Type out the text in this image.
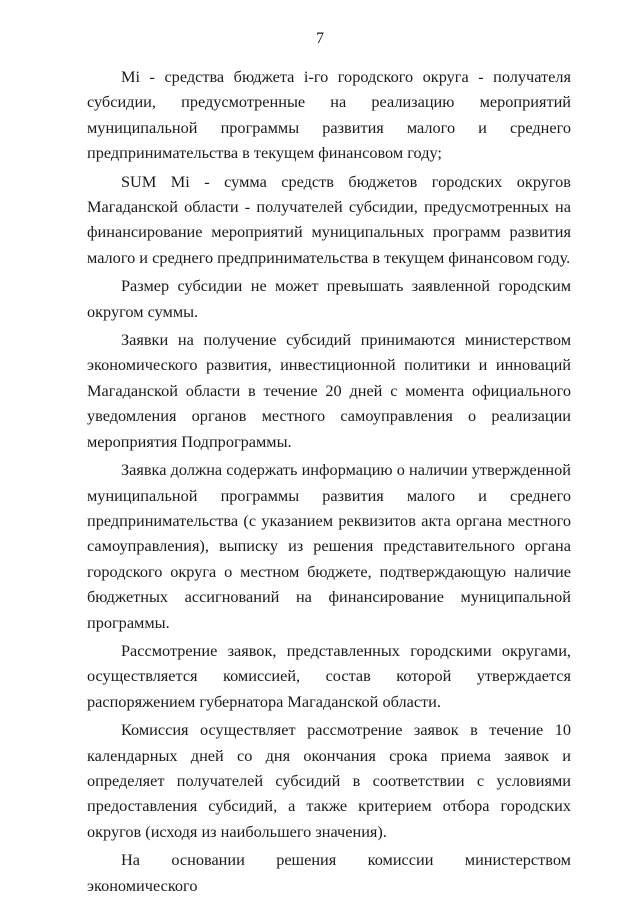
7

Mi - средства бюджета i-го городского округа - получателя субсидии, предусмотренные на реализацию мероприятий муниципальной программы развития малого и среднего предпринимательства в текущем финансовом году;

SUM Mi - сумма средств бюджетов городских округов Магаданской области - получателей субсидии, предусмотренных на финансирование мероприятий муниципальных программ развития малого и среднего предпринимательства в текущем финансовом году.

Размер субсидии не может превышать заявленной городским округом суммы.

Заявки на получение субсидий принимаются министерством экономического развития, инвестиционной политики и инноваций Магаданской области в течение 20 дней с момента официального уведомления органов местного самоуправления о реализации мероприятия Подпрограммы.

Заявка должна содержать информацию о наличии утвержденной муниципальной программы развития малого и среднего предпринимательства (с указанием реквизитов акта органа местного самоуправления), выписку из решения представительного органа городского округа о местном бюджете, подтверждающую наличие бюджетных ассигнований на финансирование муниципальной программы.

Рассмотрение заявок, представленных городскими округами, осуществляется комиссией, состав которой утверждается распоряжением губернатора Магаданской области.

Комиссия осуществляет рассмотрение заявок в течение 10 календарных дней со дня окончания срока приема заявок и определяет получателей субсидий в соответствии с условиями предоставления субсидий, а также критерием отбора городских округов (исходя из наибольшего значения).

На основании решения комиссии министерством экономического
